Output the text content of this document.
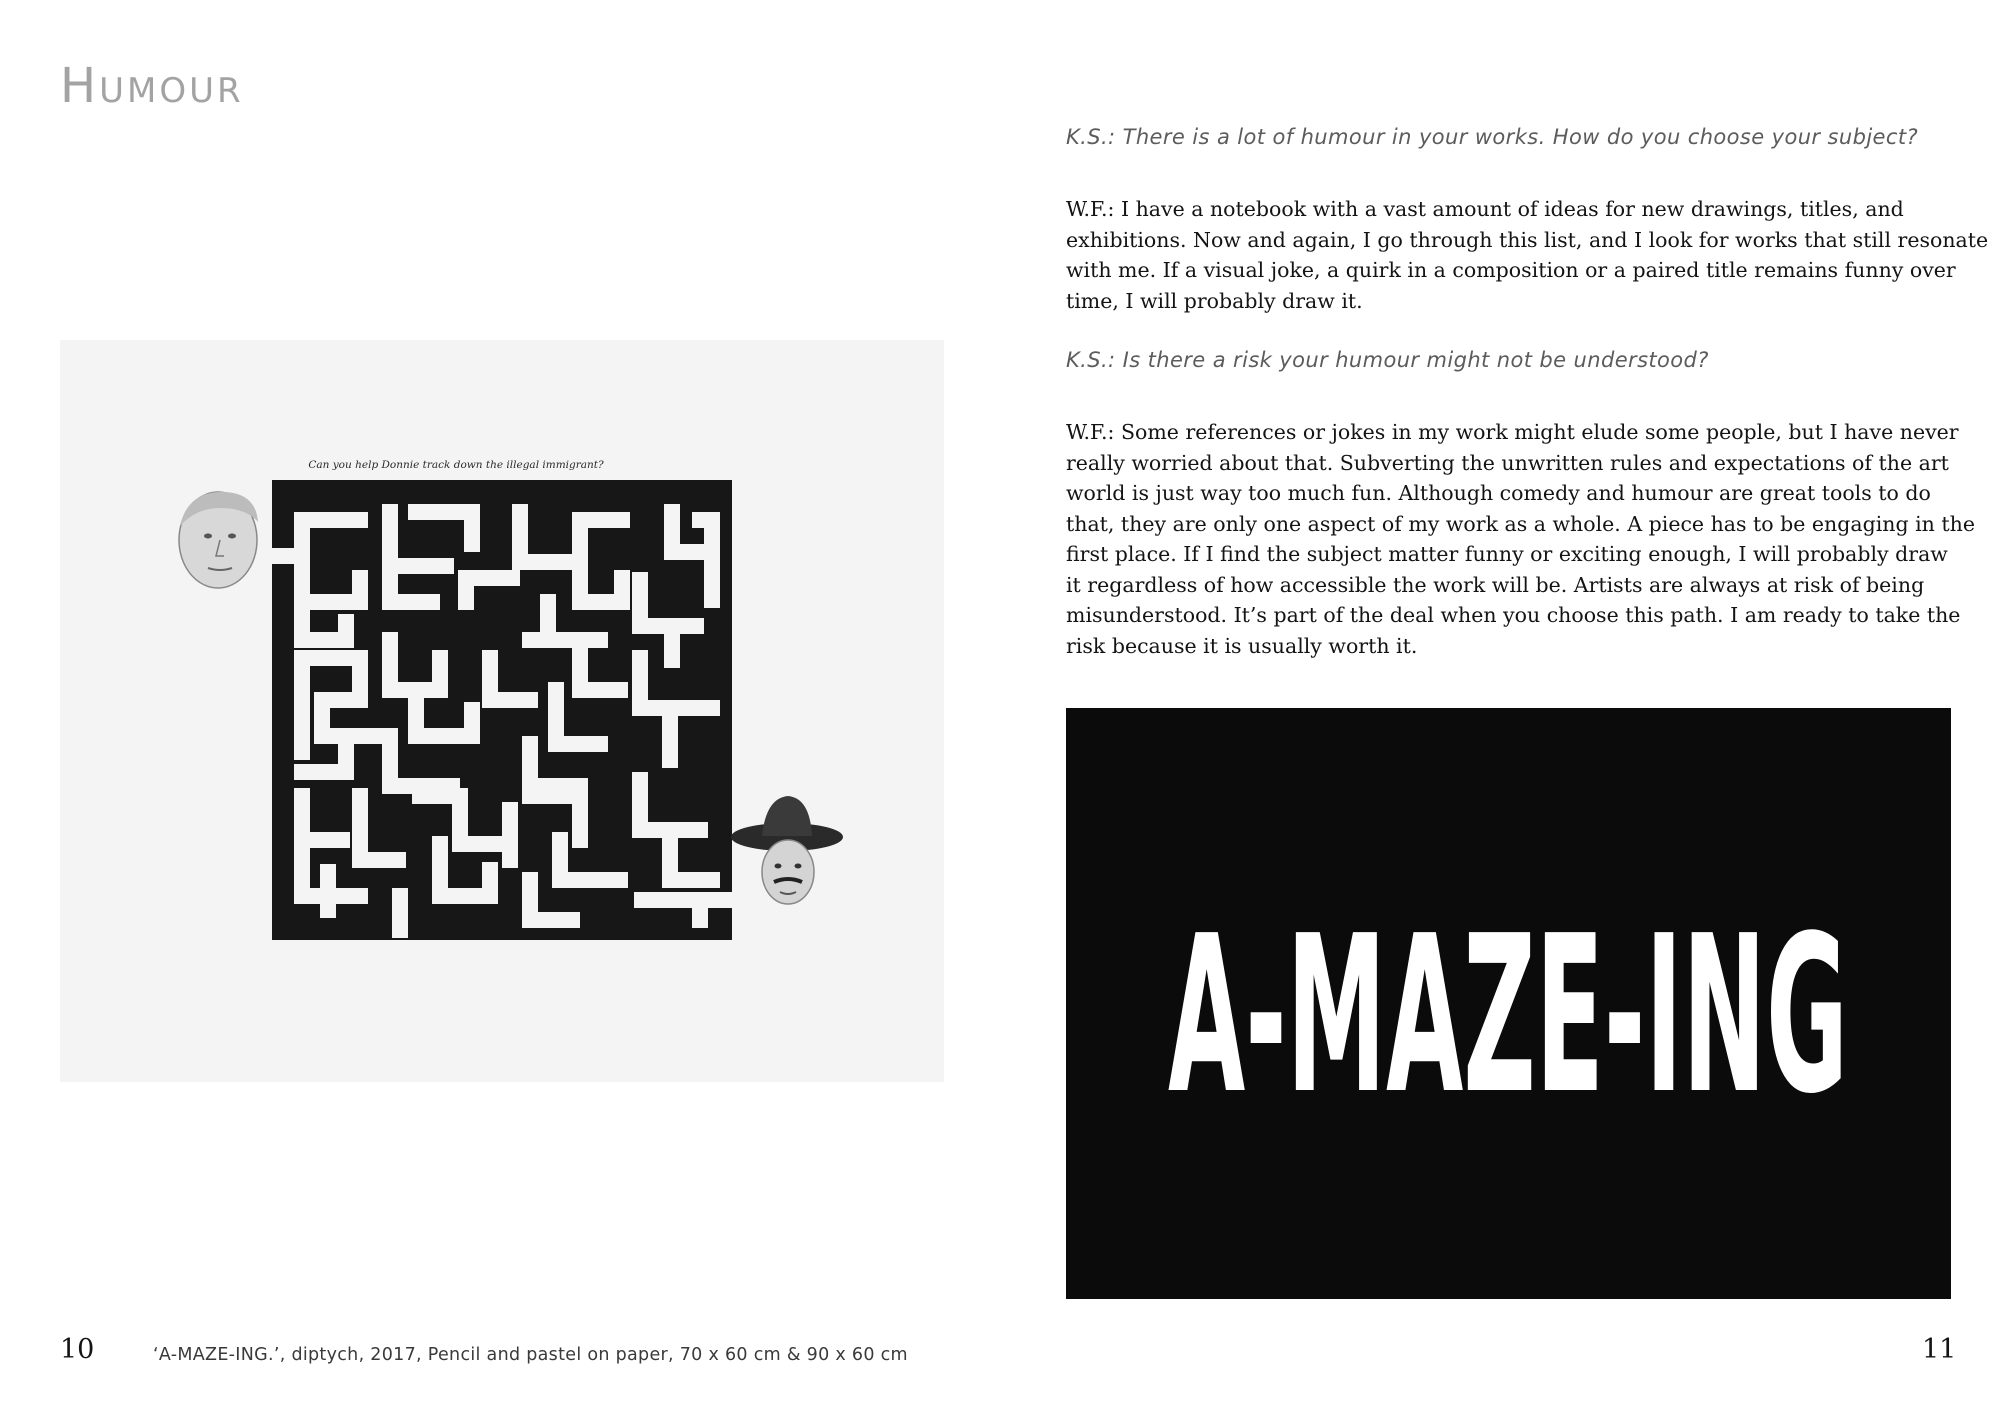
Humour
Can you help Donnie track down the illegal immigrant?
K.S.: There is a lot of humour in your works. How do you choose your subject?
W.F.: I have a notebook with a vast amount of ideas for new drawings, titles, and
exhibitions. Now and again, I go through this list, and I look for works that still resonate
with me. If a visual joke, a quirk in a composition or a paired title remains funny over
time, I will probably draw it.
K.S.: Is there a risk your humour might not be understood?
W.F.: Some references or jokes in my work might elude some people, but I have never
really worried about that. Subverting the unwritten rules and expectations of the art
world is just way too much fun. Although comedy and humour are great tools to do
that, they are only one aspect of my work as a whole. A piece has to be engaging in the
first place. If I find the subject matter funny or exciting enough, I will probably draw
it regardless of how accessible the work will be. Artists are always at risk of being
misunderstood. It’s part of the deal when you choose this path. I am ready to take the
risk because it is usually worth it.
A-MAZE-ING
10	‘A-MAZE-ING.’, diptych, 2017, Pencil and pastel on paper, 70 x 60 cm & 90 x 60 cm	11
